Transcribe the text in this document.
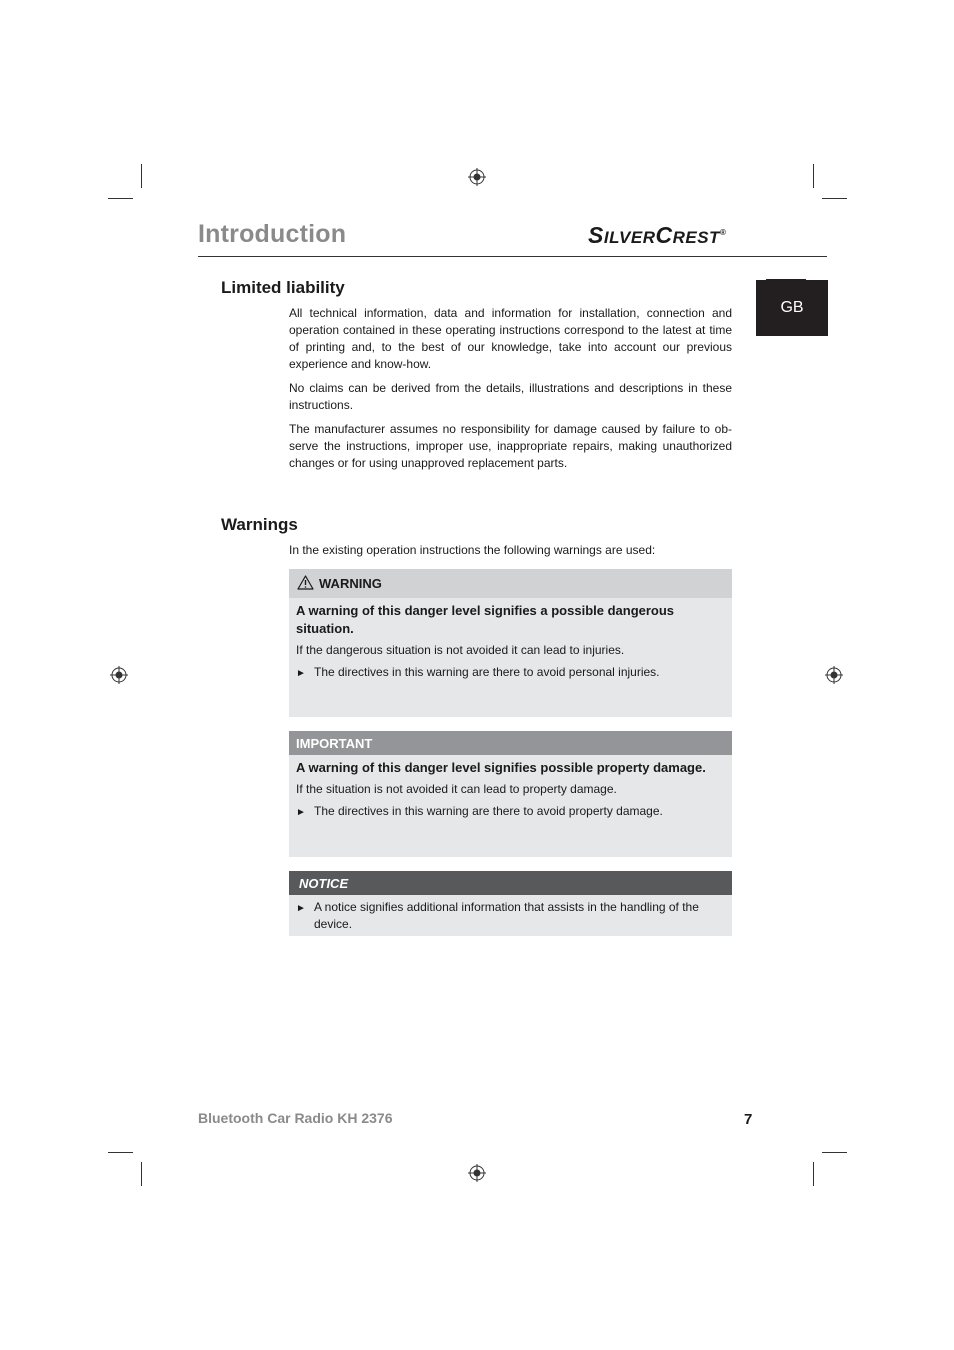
Introduction	SILVERCREST®
GB
Limited liability

All technical information, data and information for installation, connection and operation contained in these operating instructions correspond to the latest at time of printing and, to the best of our knowledge, take into account our previous experience and know-how.

No claims can be derived from the details, illustrations and descriptions in these instructions.

The manufacturer assumes no responsibility for damage caused by failure to ob-serve the instructions, improper use, inappropriate repairs, making unauthorized changes or for using unapproved replacement parts.

Warnings
In the existing operation instructions the following warnings are used:
WARNING
A warning of this danger level signifies a possible dangerous situation.
If the dangerous situation is not avoided it can lead to injuries.
► The directives in this warning are there to avoid personal injuries.
IMPORTANT
A warning of this danger level signifies possible property damage.
If the situation is not avoided it can lead to property damage.
► The directives in this warning are there to avoid property damage.
NOTICE
► A notice signifies additional information that assists in the handling of the device.
Bluetooth Car Radio KH 2376	7
